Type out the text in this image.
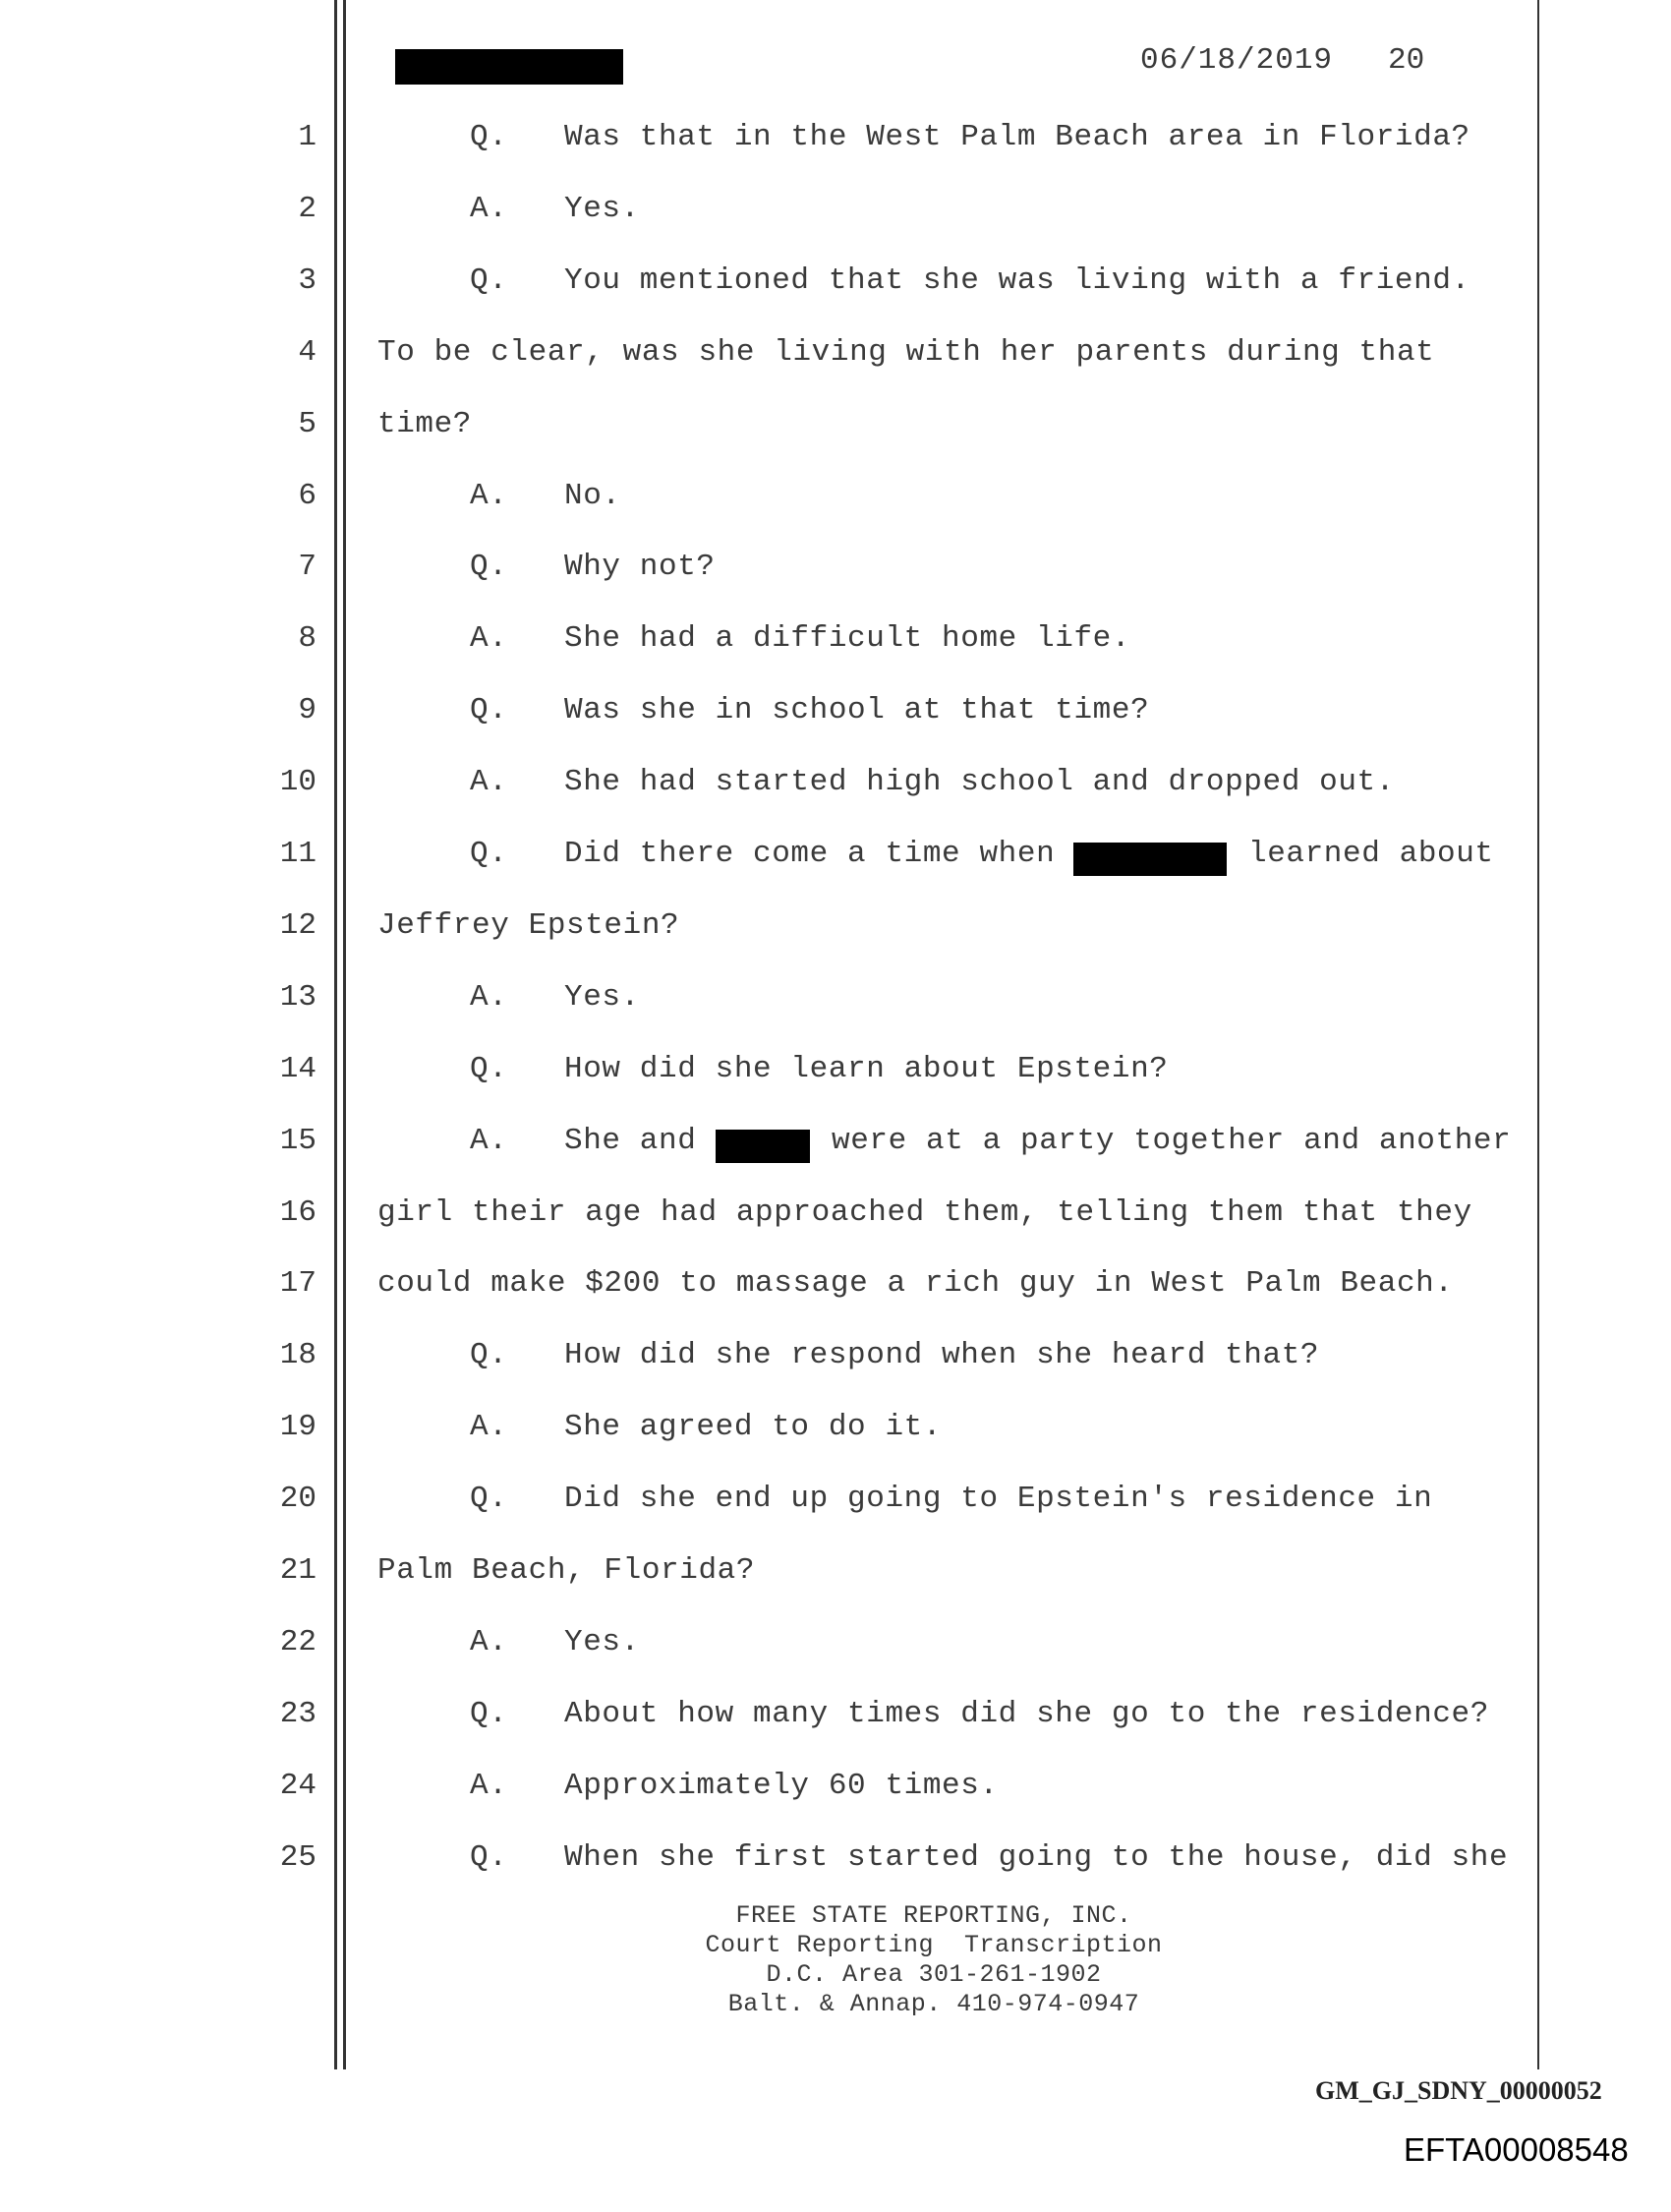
06/18/2019 20
1	Q. Was that in the West Palm Beach area in Florida?
2	A. Yes.
3	Q. You mentioned that she was living with a friend.
4 To be clear, was she living with her parents during that
5 time?
6	A. No.
7	Q. Why not?
8	A. She had a difficult home life.
9	Q. Was she in school at that time?
10	A. She had started high school and dropped out.
11	Q. Did there come a time when	learned about
12 Jeffrey Epstein?
13	A. Yes.
14	Q. How did she learn about Epstein?
15	A. She and	were at a party together and another
16 girl their age had approached them, telling them that they
17 could make $200 to massage a rich guy in West Palm Beach.
18	Q. How did she respond when she heard that?
19	A. She agreed to do it.
20	Q. Did she end up going to Epstein's residence in
21 Palm Beach, Florida?
22	A. Yes.
23	Q. About how many times did she go to the residence?
24	A. Approximately 60 times.
25	Q. When she first started going to the house, did she
FREE STATE REPORTING, INC.
Court Reporting  Transcription
D.C. Area 301-261-1902
Balt. & Annap. 410-974-0947
GM_GJ_SDNY_00000052
EFTA00008548
